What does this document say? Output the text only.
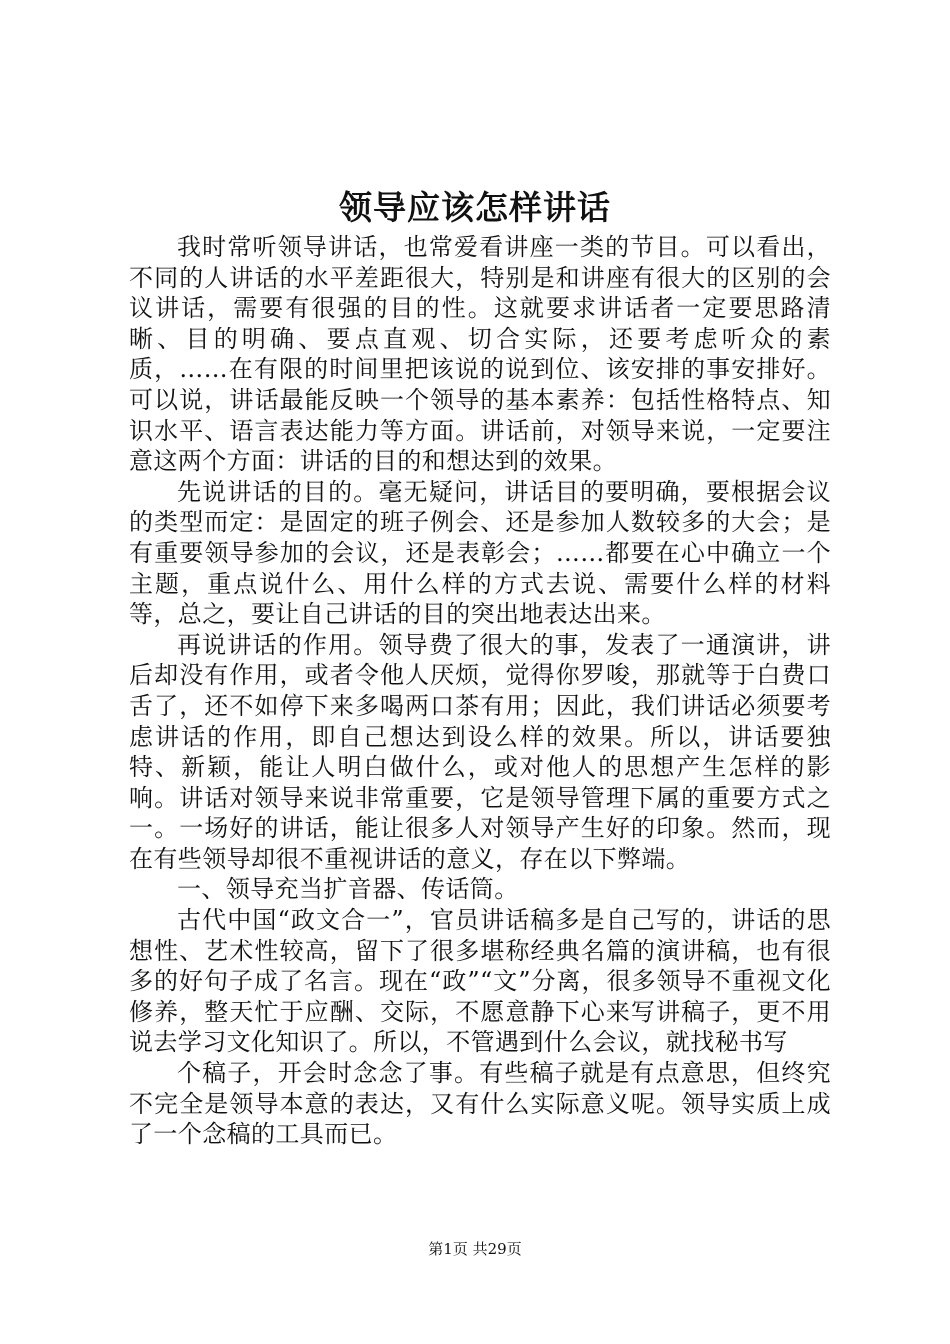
领导应该怎样讲话

我时常听领导讲话，也常爱看讲座一类的节目。可以看出，不同的人讲话的水平差距很大，特别是和讲座有很大的区别的会议讲话，需要有很强的目的性。这就要求讲话者一定要思路清晰、目的明确、要点直观、切合实际，还要考虑听众的素质，……在有限的时间里把该说的说到位、该安排的事安排好。可以说，讲话最能反映一个领导的基本素养：包括性格特点、知识水平、语言表达能力等方面。讲话前，对领导来说，一定要注意这两个方面：讲话的目的和想达到的效果。

先说讲话的目的。毫无疑问，讲话目的要明确，要根据会议的类型而定：是固定的班子例会、还是参加人数较多的大会；是有重要领导参加的会议，还是表彰会；……都要在心中确立一个主题，重点说什么、用什么样的方式去说、需要什么样的材料等，总之，要让自己讲话的目的突出地表达出来。

再说讲话的作用。领导费了很大的事，发表了一通演讲，讲后却没有作用，或者令他人厌烦，觉得你罗唆，那就等于白费口舌了，还不如停下来多喝两口茶有用；因此，我们讲话必须要考虑讲话的作用，即自己想达到设么样的效果。所以，讲话要独特、新颖，能让人明白做什么，或对他人的思想产生怎样的影响。讲话对领导来说非常重要，它是领导管理下属的重要方式之一。一场好的讲话，能让很多人对领导产生好的印象。然而，现在有些领导却很不重视讲话的意义，存在以下弊端。

一、领导充当扩音器、传话筒。

古代中国“政文合一”，官员讲话稿多是自己写的，讲话的思想性、艺术性较高，留下了很多堪称经典名篇的演讲稿，也有很多的好句子成了名言。现在“政”“文”分离，很多领导不重视文化修养，整天忙于应酬、交际，不愿意静下心来写讲稿子，更不用说去学习文化知识了。所以，不管遇到什么会议，就找秘书写

个稿子，开会时念念了事。有些稿子就是有点意思，但终究不完全是领导本意的表达，又有什么实际意义呢。领导实质上成了一个念稿的工具而已。

第1页 共29页
